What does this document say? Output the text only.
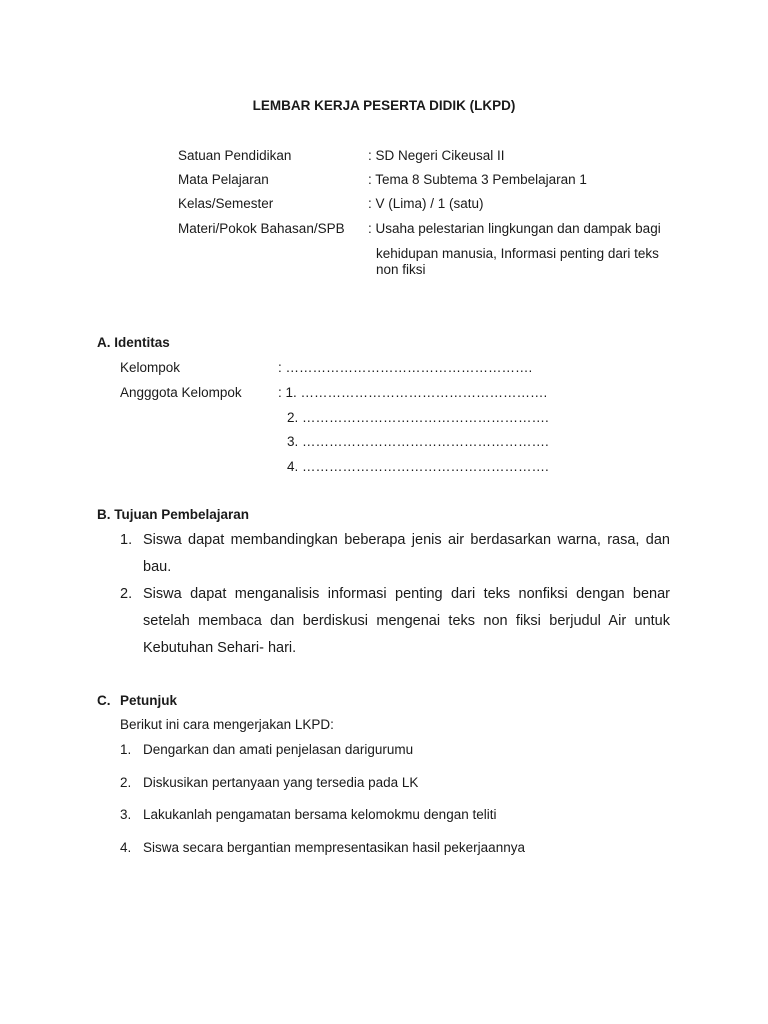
LEMBAR KERJA PESERTA DIDIK (LKPD)
Satuan Pendidikan	: SD Negeri Cikeusal II
Mata Pelajaran	: Tema 8 Subtema 3 Pembelajaran 1
Kelas/Semester	: V (Lima) / 1 (satu)
Materi/Pokok Bahasan/SPB : Usaha pelestarian lingkungan dan dampak bagi
kehidupan manusia, Informasi penting dari teks
non fiksi
A. Identitas
Kelompok	: ……………………………………………….
Angggota Kelompok	: 1. ……………………………………………….
2. ……………………………………………….
3. ……………………………………………….
4. ……………………………………………….
B. Tujuan Pembelajaran
1. Siswa dapat membandingkan beberapa jenis air berdasarkan warna, rasa, dan
bau.
2. Siswa dapat menganalisis informasi penting dari teks nonfiksi dengan benar
setelah membaca dan berdiskusi mengenai teks non fiksi berjudul Air untuk
Kebutuhan Sehari- hari.
C. Petunjuk
Berikut ini cara mengerjakan LKPD:
1. Dengarkan dan amati penjelasan darigurumu
2. Diskusikan pertanyaan yang tersedia pada LK
3. Lakukanlah pengamatan bersama kelomokmu dengan teliti
4. Siswa secara bergantian mempresentasikan hasil pekerjaannya
